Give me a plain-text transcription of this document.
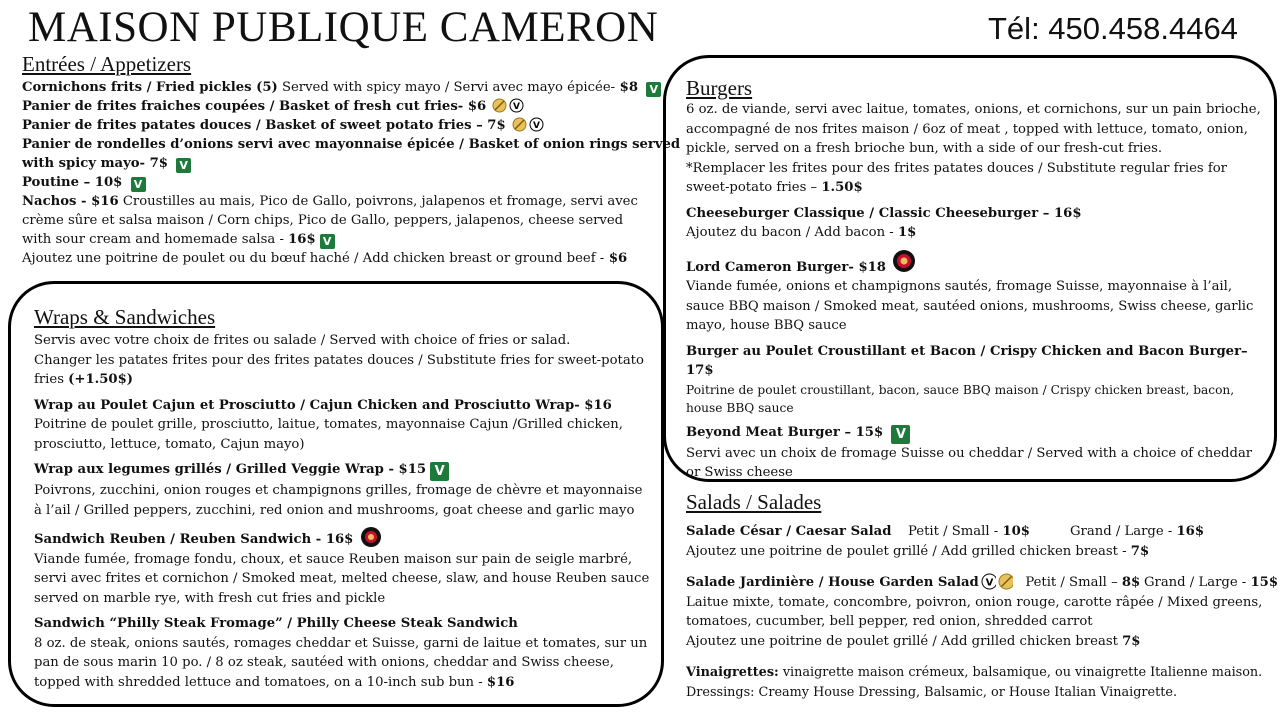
MAISON PUBLIQUE CAMERON	Tél: 450.458.4464
Entrées / Appetizers
Cornichons frits / Fried pickles (5) Served with spicy mayo / Servi avec mayo épicée- $8 V
Panier de frites fraiches coupées / Basket of fresh cut fries- $6	V
Panier de frites patates douces / Basket of sweet potato fries – 7$	V
Panier de rondelles d’onions servi avec mayonnaise épicée / Basket of onion rings served
with spicy mayo- 7$ V
Poutine – 10$ V
Nachos - $16 Croustilles au mais, Pico de Gallo, poivrons, jalapenos et fromage, servi avec
crème sûre et salsa maison / Corn chips, Pico de Gallo, peppers, jalapenos, cheese served
with sour cream and homemade salsa - 16$ V
Ajoutez une poitrine de poulet ou du bœuf haché / Add chicken breast or ground beef - $6
Wraps & Sandwiches
Servis avec votre choix de frites ou salade / Served with choice of fries or salad.
Changer les patates frites pour des frites patates douces / Substitute fries for sweet-potato
fries (+1.50$)
Wrap au Poulet Cajun et Prosciutto / Cajun Chicken and Prosciutto Wrap- $16
Poitrine de poulet grille, prosciutto, laitue, tomates, mayonnaise Cajun /Grilled chicken, prosciutto, lettuce, tomato, Cajun mayo)
Wrap aux legumes grillés / Grilled Veggie Wrap - $15 V
Poivrons, zucchini, onion rouges et champignons grilles, fromage de chèvre et mayonnaise à l’ail / Grilled peppers, zucchini, red onion and mushrooms, goat cheese and garlic mayo
Sandwich Reuben / Reuben Sandwich - 16$
Viande fumée, fromage fondu, choux, et sauce Reuben maison sur pain de seigle marbré, servi avec frites et cornichon / Smoked meat, melted cheese, slaw, and house Reuben sauce served on marble rye, with fresh cut fries and pickle
Sandwich “Philly Steak Fromage” / Philly Cheese Steak Sandwich
8 oz. de steak, onions sautés, romages cheddar et Suisse, garni de laitue et tomates, sur un pan de sous marin 10 po. / 8 oz steak, sautéed with onions, cheddar and Swiss cheese, topped with shredded lettuce and tomatoes, on a 10-inch sub bun - $16
Burgers
6 oz. de viande, servi avec laitue, tomates, onions, et cornichons, sur un pain brioche, accompagné de nos frites maison / 6oz of meat , topped with lettuce, tomato, onion, pickle, served on a fresh brioche bun, with a side of our fresh-cut fries.
*Remplacer les frites pour des frites patates douces / Substitute regular fries for sweet-potato fries – 1.50$
Cheeseburger Classique / Classic Cheeseburger – 16$
Ajoutez du bacon / Add bacon - 1$
Lord Cameron Burger- $18
Viande fumée, onions et champignons sautés, fromage Suisse, mayonnaise à l’ail, sauce BBQ maison / Smoked meat, sautéed onions, mushrooms, Swiss cheese, garlic mayo, house BBQ sauce
Burger au Poulet Croustillant et Bacon / Crispy Chicken and Bacon Burger– 17$
Poitrine de poulet croustillant, bacon, sauce BBQ maison / Crispy chicken breast, bacon, house BBQ sauce
Beyond Meat Burger – 15$ V
Servi avec un choix de fromage Suisse ou cheddar / Served with a choice of cheddar or Swiss cheese
Salads / Salades
Salade César / Caesar Salad	Petit / Small - 10$	Grand / Large - 16$
Ajoutez une poitrine de poulet grillé / Add grilled chicken breast - 7$
Salade Jardinière / House Garden Salad V Petit / Small – 8$ Grand / Large - 15$
Laitue mixte, tomate, concombre, poivron, onion rouge, carotte râpée / Mixed greens, tomatoes, cucumber, bell pepper, red onion, shredded carrot
Ajoutez une poitrine de poulet grillé / Add grilled chicken breast 7$
Vinaigrettes: vinaigrette maison crémeux, balsamique, ou vinaigrette Italienne maison.
Dressings: Creamy House Dressing, Balsamic, or House Italian Vinaigrette.
